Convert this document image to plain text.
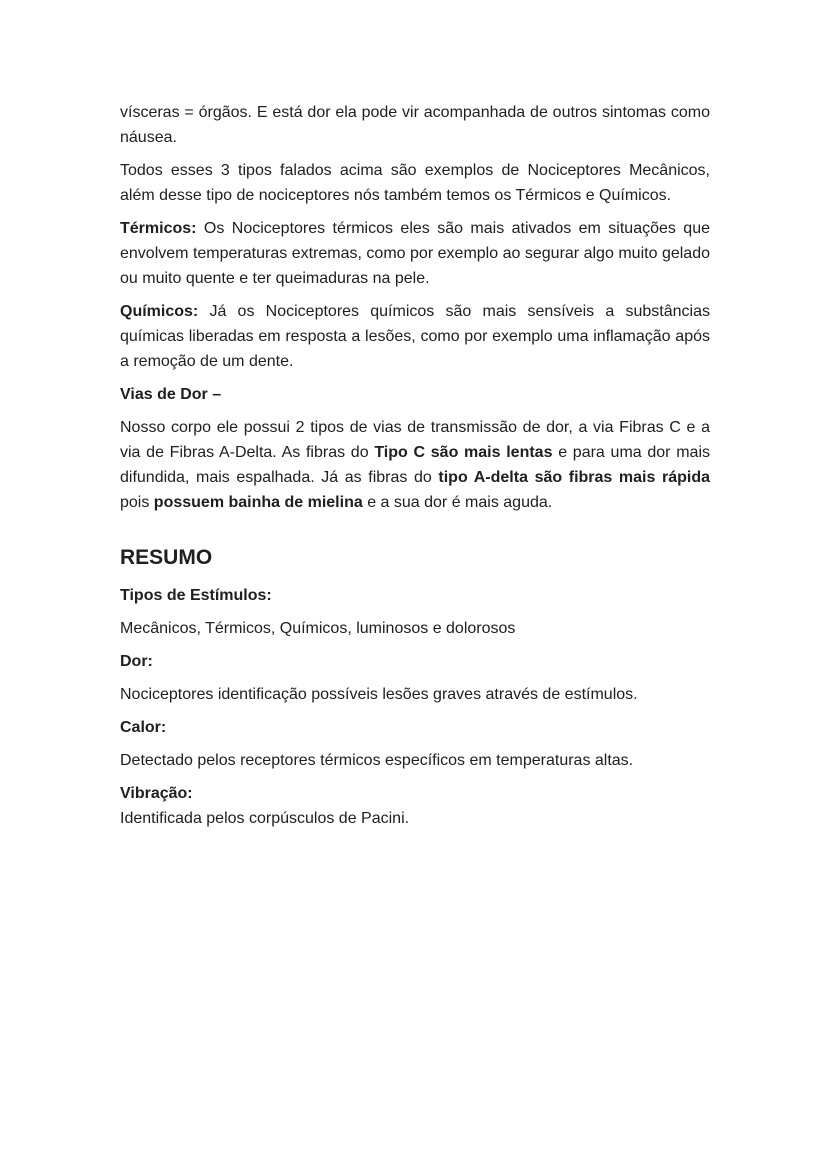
vísceras = órgãos. E está dor ela pode vir acompanhada de outros sintomas como náusea.

Todos esses 3 tipos falados acima são exemplos de Nociceptores Mecânicos, além desse tipo de nociceptores nós também temos os Térmicos e Químicos.

Térmicos: Os Nociceptores térmicos eles são mais ativados em situações que envolvem temperaturas extremas, como por exemplo ao segurar algo muito gelado ou muito quente e ter queimaduras na pele.

Químicos: Já os Nociceptores químicos são mais sensíveis a substâncias químicas liberadas em resposta a lesões, como por exemplo uma inflamação após a remoção de um dente.

Vias de Dor –

Nosso corpo ele possui 2 tipos de vias de transmissão de dor, a via Fibras C e a via de Fibras A-Delta. As fibras do Tipo C são mais lentas e para uma dor mais difundida, mais espalhada. Já as fibras do tipo A-delta são fibras mais rápida pois possuem bainha de mielina e a sua dor é mais aguda.

RESUMO

Tipos de Estímulos:

Mecânicos, Térmicos, Químicos, luminosos e dolorosos

Dor:

Nociceptores identificação possíveis lesões graves através de estímulos.

Calor:

Detectado pelos receptores térmicos específicos em temperaturas altas.

Vibração:
Identificada pelos corpúsculos de Pacini.
